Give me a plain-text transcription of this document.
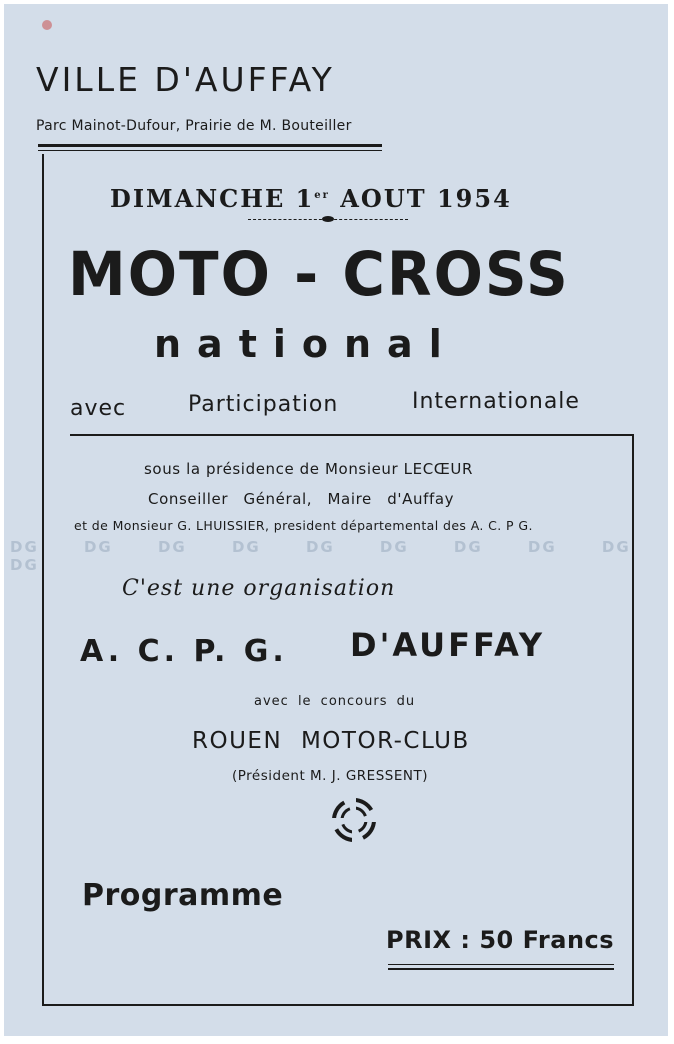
VILLE D'AUFFAY
Parc Mainot-Dufour, Prairie de M. Bouteiller
DIMANCHE 1er AOUT 1954
MOTO - CROSS
national
avec	Participation	Internationale
sous la présidence de Monsieur LECŒUR
Conseiller Général, Maire d'Auffay
et de Monsieur G. LHUISSIER, president départemental des A. C. P G.
DG DG DG DG DG DG DG DG DG DG
C'est une organisation
A. C. P. G. D'AUFFAY
avec le concours du
ROUEN MOTOR-CLUB
(Président M. J. GRESSENT)
Programme
PRIX : 50 Francs
